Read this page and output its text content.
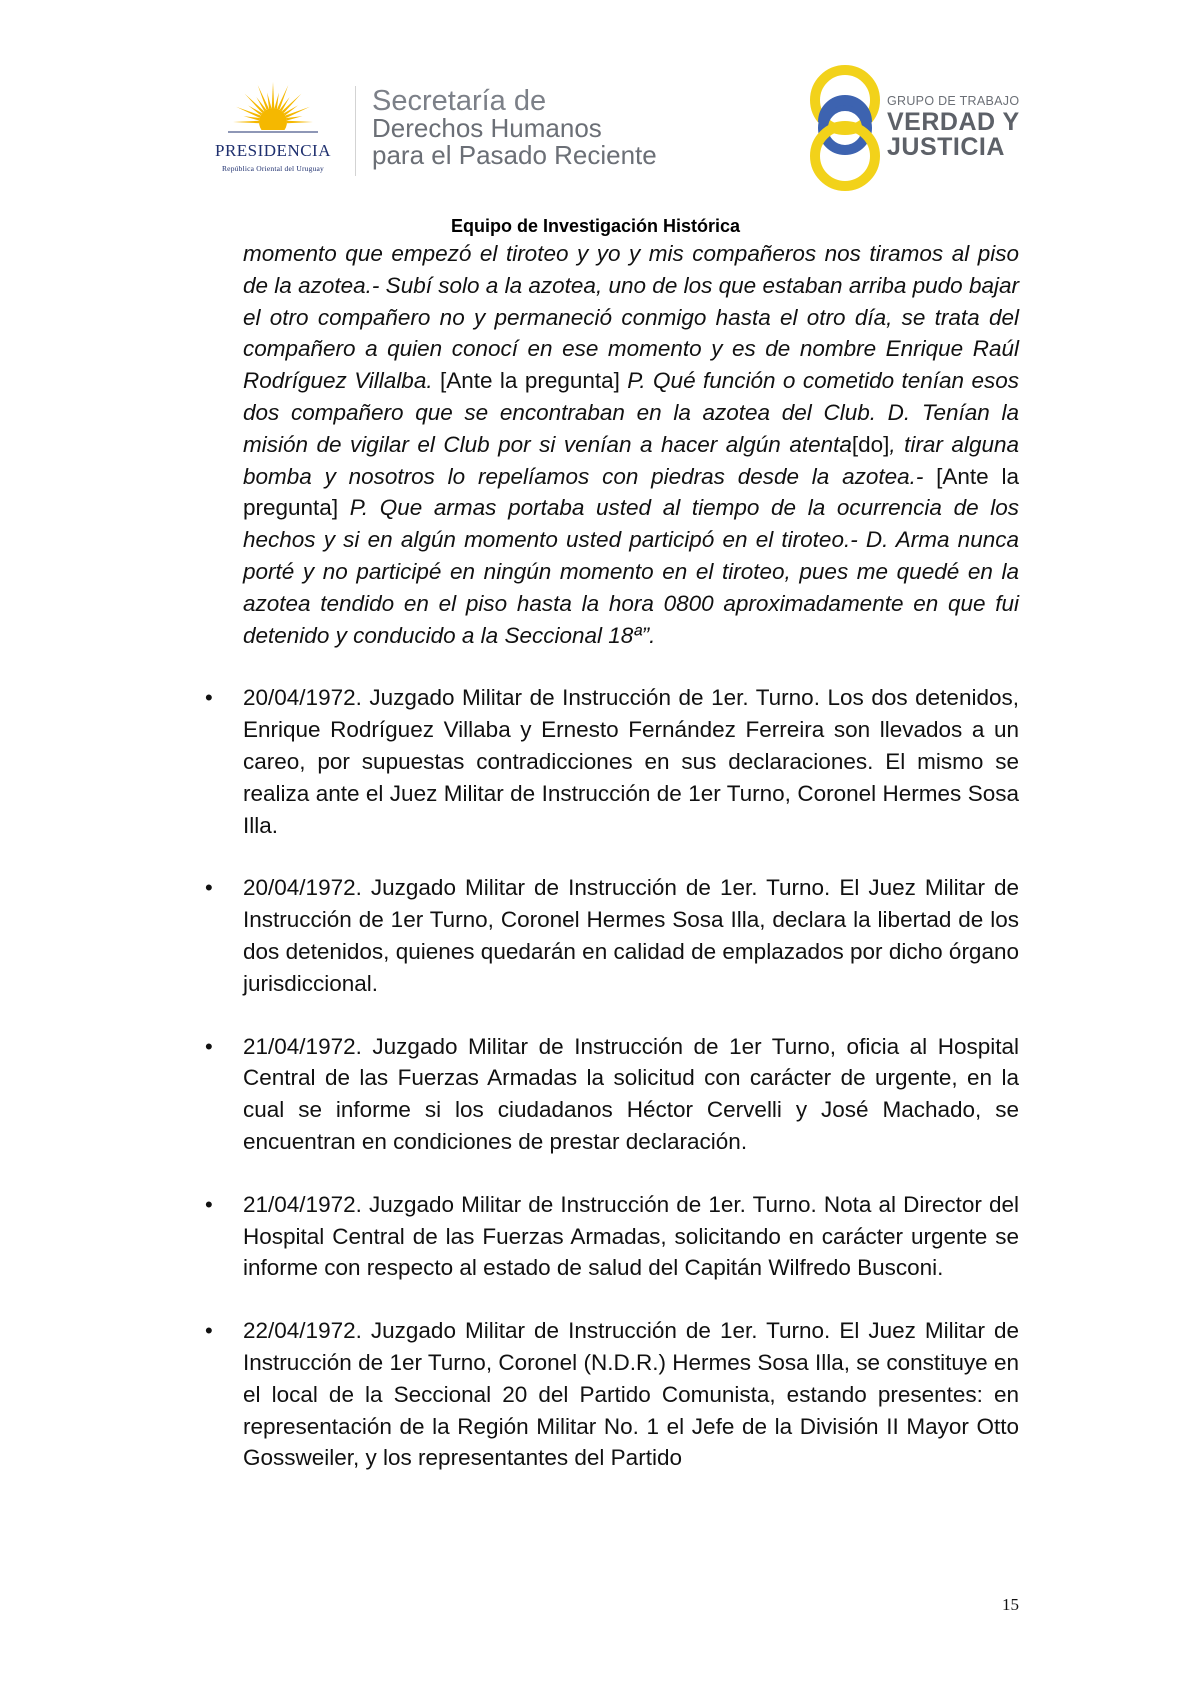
PRESIDENCIA
República Oriental del Uruguay
Secretaría de
Derechos Humanos
para el Pasado Reciente
GRUPO DE TRABAJO
VERDAD Y
JUSTICIA
Equipo de Investigación Histórica

momento que empezó el tiroteo y yo y mis compañeros nos tiramos al piso de la azotea.- Subí solo a la azotea, uno de los que estaban arriba pudo bajar el otro compañero no y permaneció conmigo hasta el otro día, se trata del compañero a quien conocí en ese momento y es de nombre Enrique Raúl Rodríguez Villalba. [Ante la pregunta] P. Qué función o cometido tenían esos dos compañero que se encontraban en la azotea del Club. D. Tenían la misión de vigilar el Club por si venían a hacer algún atenta[do], tirar alguna bomba y nosotros lo repelíamos con piedras desde la azotea.- [Ante la pregunta] P. Que armas portaba usted al tiempo de la ocurrencia de los hechos y si en algún momento usted participó en el tiroteo.- D. Arma nunca porté y no participé en ningún momento en el tiroteo, pues me quedé en la azotea tendido en el piso hasta la hora 0800 aproximadamente en que fui detenido y conducido a la Seccional 18ª”.

• 20/04/1972. Juzgado Militar de Instrucción de 1er. Turno. Los dos detenidos, Enrique Rodríguez Villaba y Ernesto Fernández Ferreira son llevados a un careo, por supuestas contradicciones en sus declaraciones. El mismo se realiza ante el Juez Militar de Instrucción de 1er Turno, Coronel Hermes Sosa Illa.

• 20/04/1972. Juzgado Militar de Instrucción de 1er. Turno. El Juez Militar de Instrucción de 1er Turno, Coronel Hermes Sosa Illa, declara la libertad de los dos detenidos, quienes quedarán en calidad de emplazados por dicho órgano jurisdiccional.

• 21/04/1972. Juzgado Militar de Instrucción de 1er Turno, oficia al Hospital Central de las Fuerzas Armadas la solicitud con carácter de urgente, en la cual se informe si los ciudadanos Héctor Cervelli y José Machado, se encuentran en condiciones de prestar declaración.

• 21/04/1972. Juzgado Militar de Instrucción de 1er. Turno. Nota al Director del Hospital Central de las Fuerzas Armadas, solicitando en carácter urgente se informe con respecto al estado de salud del Capitán Wilfredo Busconi.

• 22/04/1972. Juzgado Militar de Instrucción de 1er. Turno. El Juez Militar de Instrucción de 1er Turno, Coronel (N.D.R.) Hermes Sosa Illa, se constituye en el local de la Seccional 20 del Partido Comunista, estando presentes: en representación de la Región Militar No. 1 el Jefe de la División II Mayor Otto Gossweiler, y los representantes del Partido

15
